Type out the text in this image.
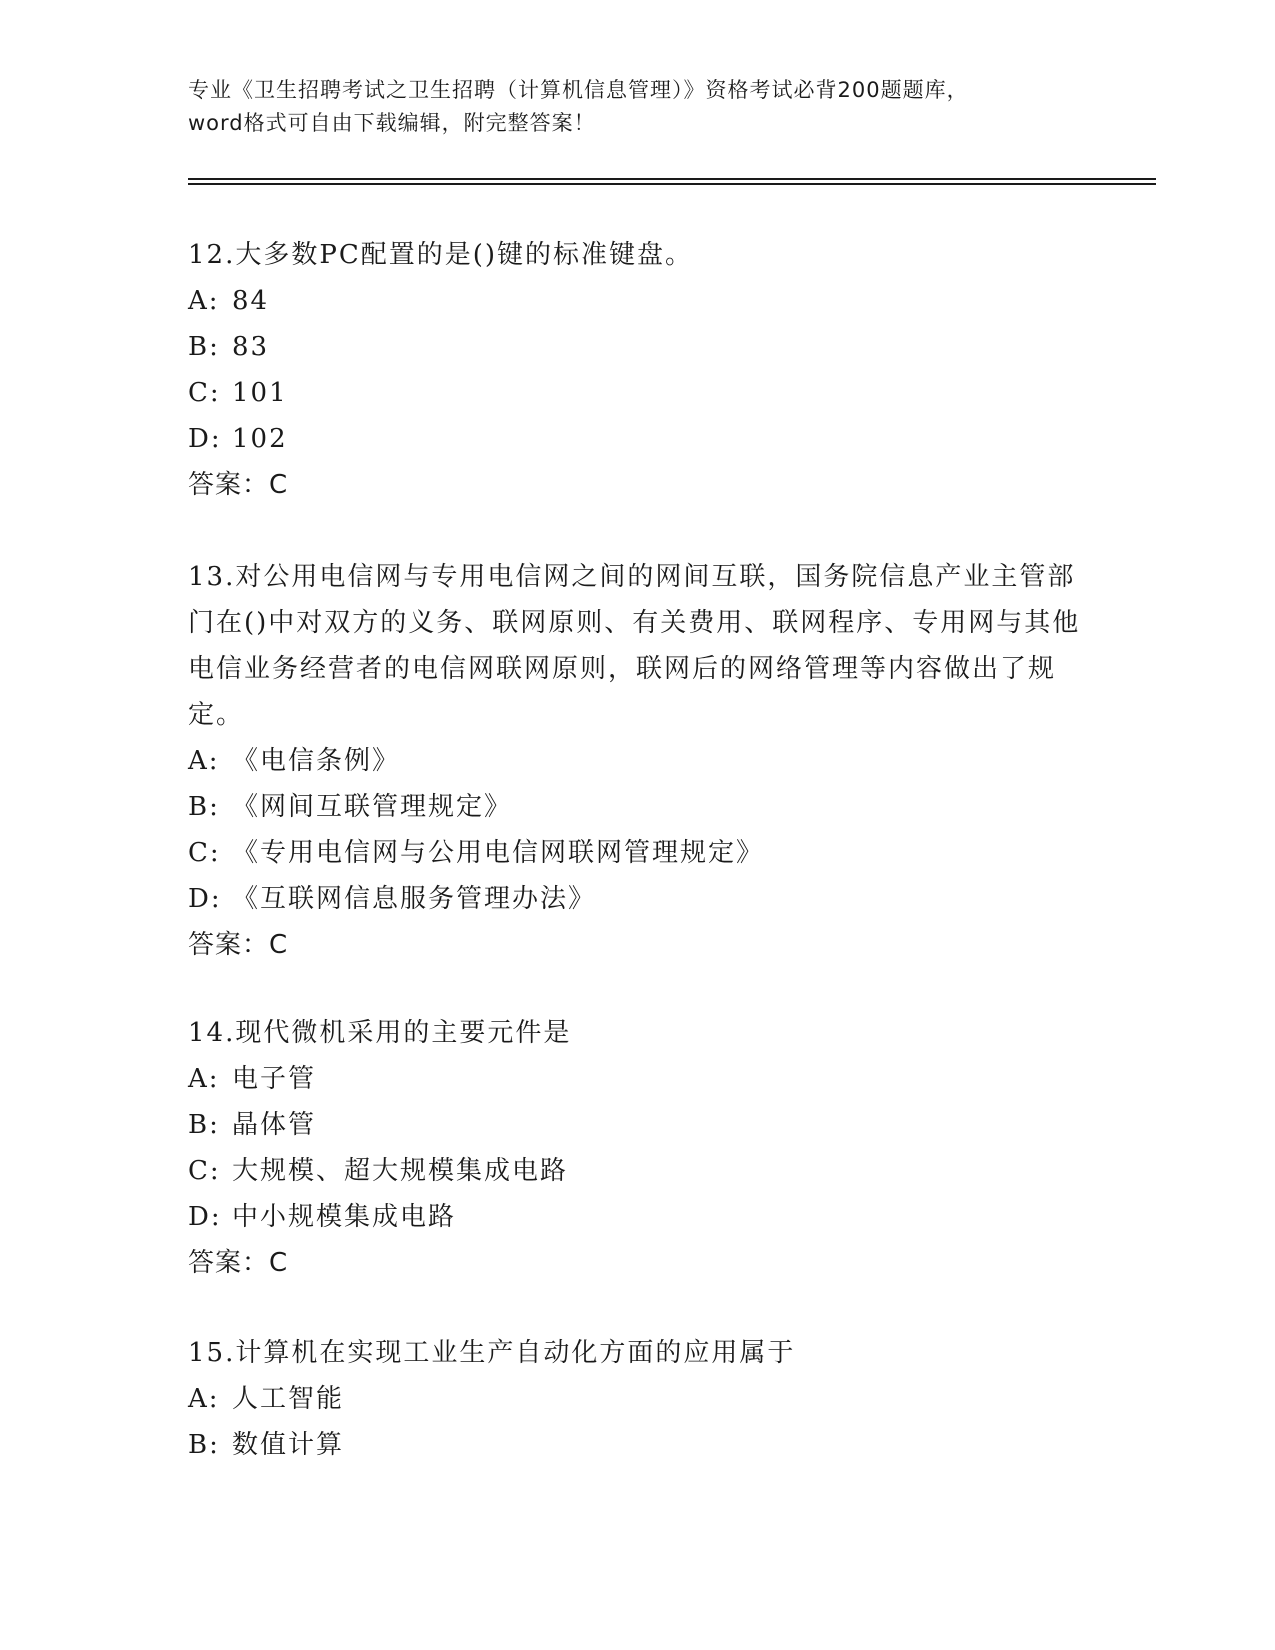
专业《卫生招聘考试之卫生招聘（计算机信息管理）》资格考试必背200题题库，
word格式可自由下载编辑，附完整答案！

12.大多数PC配置的是()键的标准键盘。

A: 84

B: 83

C: 101

D: 102

答案：C

13.对公用电信网与专用电信网之间的网间互联，国务院信息产业主管部门在()中对双方的义务、联网原则、有关费用、联网程序、专用网与其他电信业务经营者的电信网联网原则，联网后的网络管理等内容做出了规定。

A: 《电信条例》

B: 《网间互联管理规定》

C: 《专用电信网与公用电信网联网管理规定》

D: 《互联网信息服务管理办法》

答案：C

14.现代微机采用的主要元件是

A: 电子管

B: 晶体管

C: 大规模、超大规模集成电路

D: 中小规模集成电路

答案：C

15.计算机在实现工业生产自动化方面的应用属于

A: 人工智能

B: 数值计算
